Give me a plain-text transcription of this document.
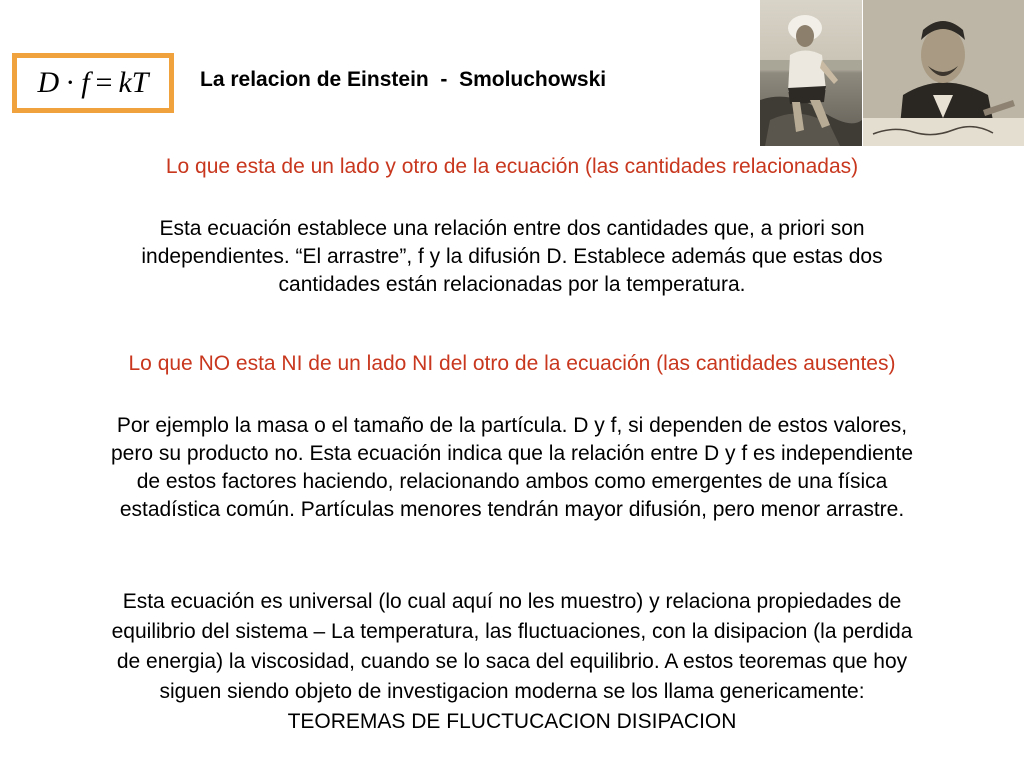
D · f = kT La relacion de Einstein  -  Smoluchowski
Lo que esta de un lado y otro de la ecuación (las cantidades relacionadas)
Esta ecuación establece una relación entre dos cantidades que, a priori son
independientes. “El arrastre”, f y la difusión D. Establece además que estas dos
cantidades están relacionadas por la temperatura.
Lo que NO esta NI de un lado NI del otro de la ecuación (las cantidades ausentes)
Por ejemplo la masa o el tamaño de la partícula. D y f, si dependen de estos valores,
pero su producto no. Esta ecuación indica que la relación entre D y f es independiente
de estos factores haciendo, relacionando ambos como emergentes de una física
estadística común. Partículas menores tendrán mayor difusión, pero menor arrastre.
Esta ecuación es universal (lo cual aquí no les muestro) y relaciona propiedades de
equilibrio del sistema – La temperatura, las fluctuaciones, con la disipacion (la perdida
de energia) la viscosidad, cuando se lo saca del equilibrio. A estos teoremas que hoy
siguen siendo objeto de investigacion moderna se los llama genericamente:
TEOREMAS DE FLUCTUCACION DISIPACION
